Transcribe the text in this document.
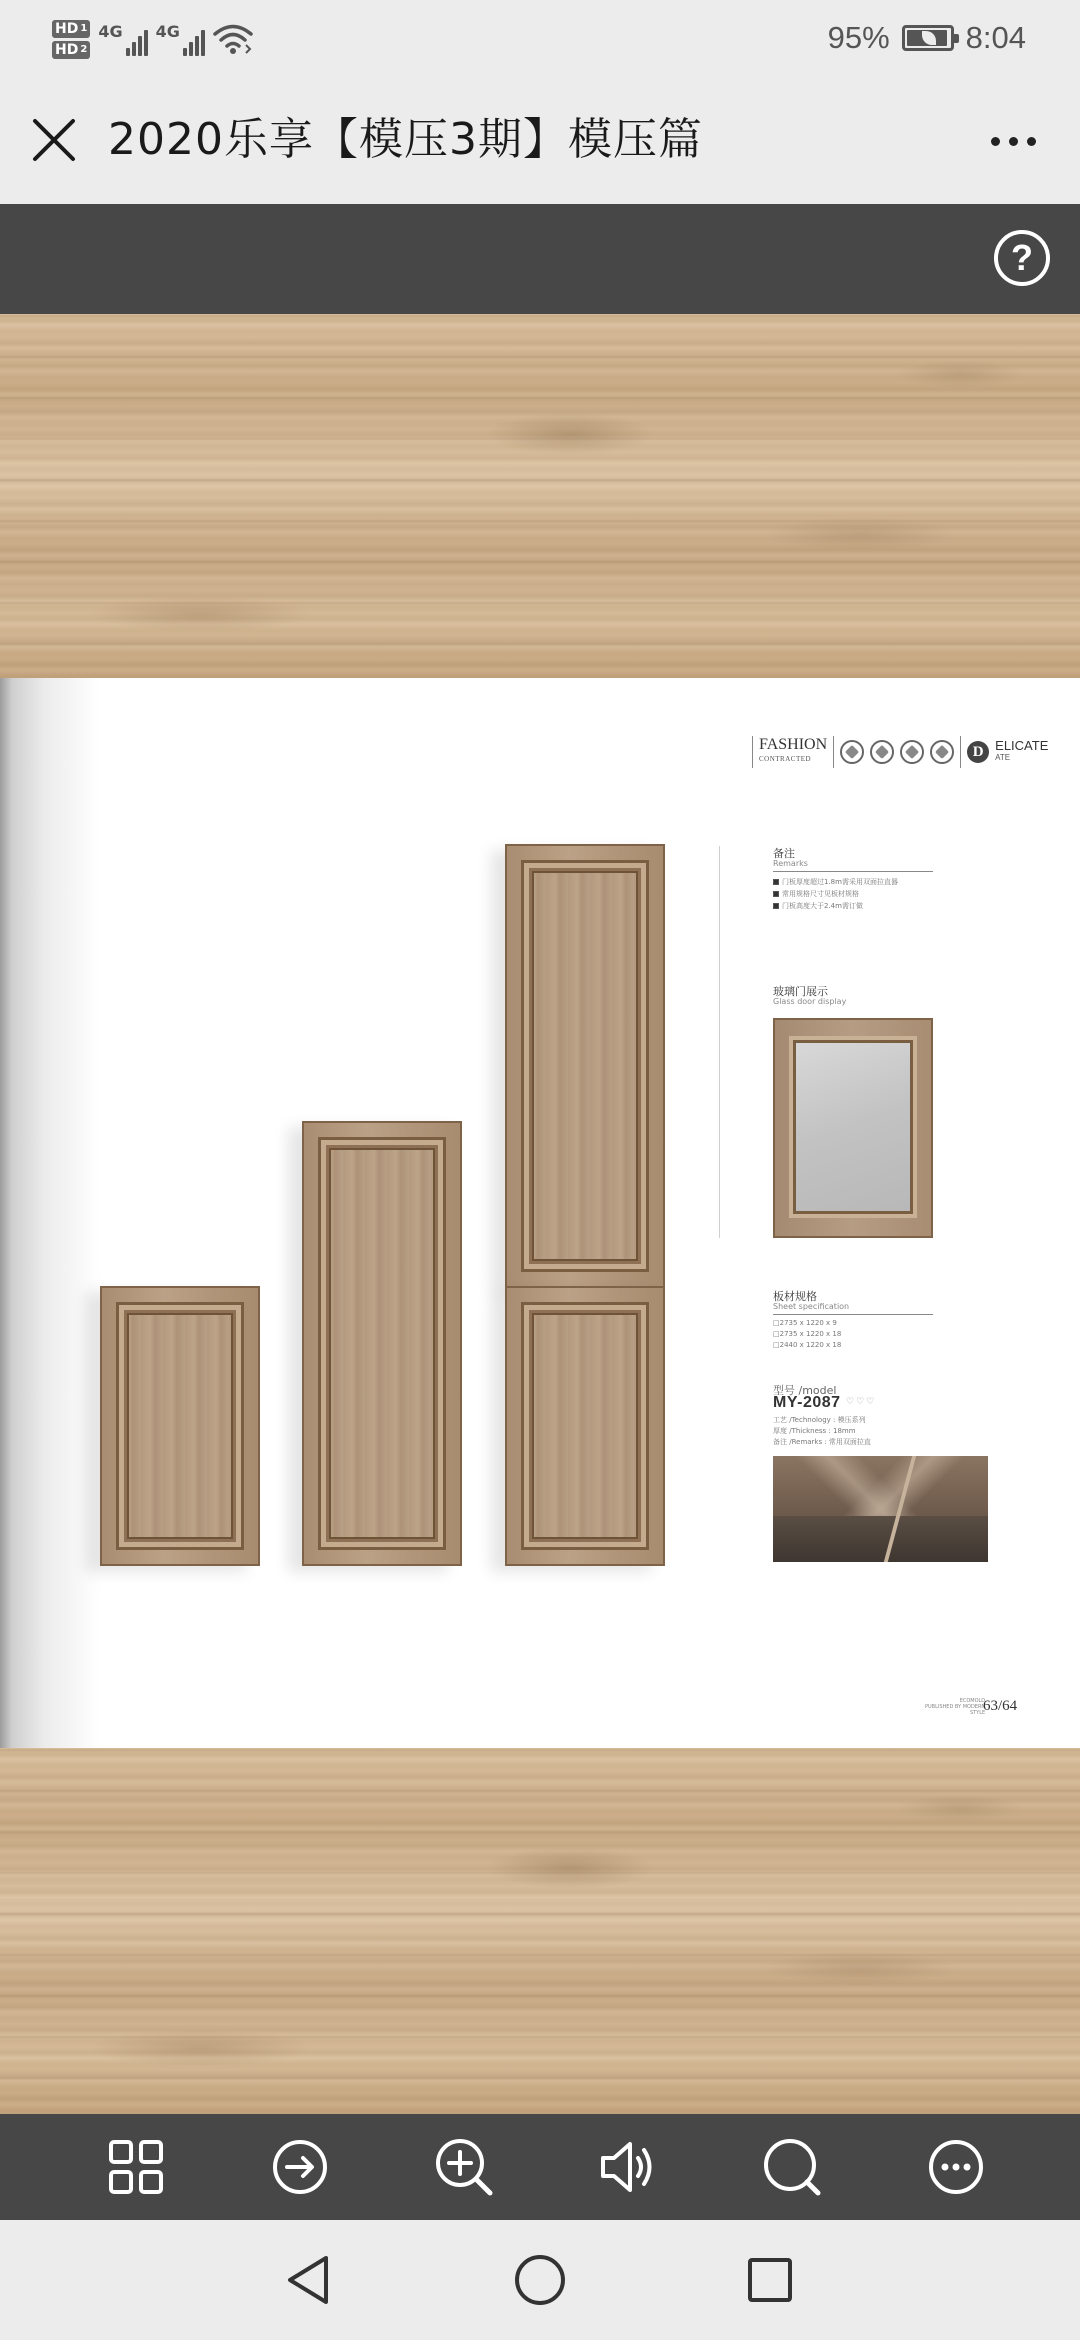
HD 1
HD 2
4G 4G	95% 8:04
2020乐享【模压3期】模压篇
?
FASHION
CONTRACTED	D ELICATE
ATE
备注
Remarks
门板厚度超过1.8m需采用双面拉直器
常用规格尺寸见板材规格
门板高度大于2.4m需订做
玻璃门展示
Glass door display
板材规格
Sheet specification
□2735 x 1220 x 9
□2735 x 1220 x 18
□2440 x 1220 x 18
型号 /model
MY-2087 ♡♡♡
工艺 /Technology : 模压系列
厚度 /Thickness : 18mm
备注 /Remarks : 常用双面拉直
ECOMOLD
PUBLISHED BY MODERN
STYLE
63/64
